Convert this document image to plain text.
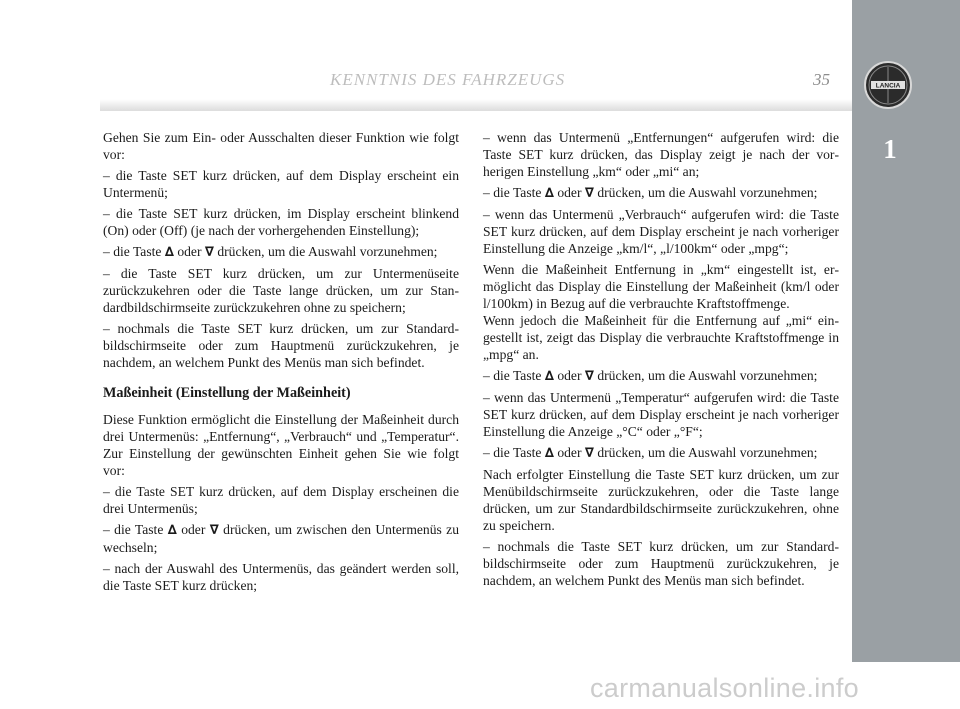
KENNTNIS DES FAHRZEUGS	35	LANCIA
1

Gehen Sie zum Ein- oder Ausschalten dieser Funktion wie folgt vor:

– die Taste SET kurz drücken, auf dem Display erscheint ein Untermenü;

– die Taste SET kurz drücken, im Display erscheint blinkend (On) oder (Off) (je nach der vorhergehenden Einstellung);

– die Taste ∆ oder ∇ drücken, um die Auswahl vorzunehmen;

– die Taste SET kurz drücken, um zur Untermenüseite zurückzukehren oder die Taste lange drücken, um zur Standardbildschirmseite zurückzukehren ohne zu speichern;

– nochmals die Taste SET kurz drücken, um zur Standardbildschirmseite oder zum Hauptmenü zurückzukehren, je nachdem, an welchem Punkt des Menüs man sich befindet.

Maßeinheit (Einstellung der Maßeinheit)

Diese Funktion ermöglicht die Einstellung der Maßeinheit durch drei Untermenüs: „Entfernung“, „Verbrauch“ und „Temperatur“. Zur Einstellung der gewünschten Einheit gehen Sie wie folgt vor:

– die Taste SET kurz drücken, auf dem Display erscheinen die drei Untermenüs;

– die Taste ∆ oder ∇ drücken, um zwischen den Untermenüs zu wechseln;

– nach der Auswahl des Untermenüs, das geändert werden soll, die Taste SET kurz drücken;

– wenn das Untermenü „Entfernungen“ aufgerufen wird: die Taste SET kurz drücken, das Display zeigt je nach der vorherigen Einstellung „km“ oder „mi“ an;

– die Taste ∆ oder ∇ drücken, um die Auswahl vorzunehmen;

– wenn das Untermenü „Verbrauch“ aufgerufen wird: die Taste SET kurz drücken, auf dem Display erscheint je nach vorheriger Einstellung die Anzeige „km/l“, „l/100km“ oder „mpg“;

Wenn die Maßeinheit Entfernung in „km“ eingestellt ist, ermöglicht das Display die Einstellung der Maßeinheit (km/l oder l/100km) in Bezug auf die verbrauchte Kraftstoffmenge.

Wenn jedoch die Maßeinheit für die Entfernung auf „mi“ eingestellt ist, zeigt das Display die verbrauchte Kraftstoffmenge in „mpg“ an.

– die Taste ∆ oder ∇ drücken, um die Auswahl vorzunehmen;

– wenn das Untermenü „Temperatur“ aufgerufen wird: die Taste SET kurz drücken, auf dem Display erscheint je nach vorheriger Einstellung die Anzeige „°C“ oder „°F“;

– die Taste ∆ oder ∇ drücken, um die Auswahl vorzunehmen;

Nach erfolgter Einstellung die Taste SET kurz drücken, um zur Menübildschirmseite zurückzukehren, oder die Taste lange drücken, um zur Standardbildschirmseite zurückzukehren, ohne zu speichern.

– nochmals die Taste SET kurz drücken, um zur Standardbildschirmseite oder zum Hauptmenü zurückzukehren, je nachdem, an welchem Punkt des Menüs man sich befindet.

carmanualsonline.info
